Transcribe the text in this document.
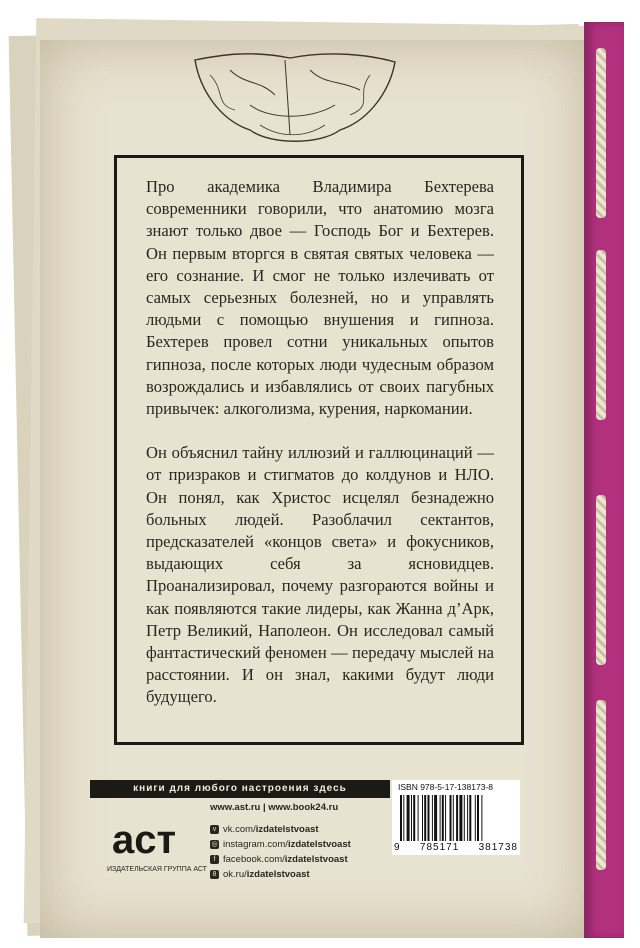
Про академика Владимира Бехтерева современники говорили, что анатомию мозга знают только двое — Господь Бог и Бехтерев. Он первым вторгся в святая святых человека — его сознание. И смог не только излечивать от самых серьезных болезней, но и управлять людьми с помощью внушения и гипноза. Бехтерев провел сотни уникальных опытов гипноза, после которых люди чудесным образом возрождались и избавлялись от своих пагубных привычек: алкоголизма, курения, наркомании.

Он объяснил тайну иллюзий и галлюцинаций — от призраков и стигматов до колдунов и НЛО. Он понял, как Христос исцелял безнадежно больных людей. Разоблачил сектантов, предсказателей «концов света» и фокусников, выдающих себя за ясновидцев. Проанализировал, почему разгораются войны и как появляются такие лидеры, как Жанна д’Арк, Петр Великий, Наполеон. Он исследовал самый фантастический феномен — передачу мыслей на расстоянии. И он знал, какими будут люди будущего.

книги для любого настроения здесь
аст
ИЗДАТЕЛЬСКАЯ ГРУППА АСТ
www.ast.ru | www.book24.ru
v vk.com/izdatelstvoast
◎ instagram.com/izdatelstvoast
f facebook.com/izdatelstvoast
8 ok.ru/izdatelstvoast
ISBN 978-5-17-138173-8
9 785171 381738
